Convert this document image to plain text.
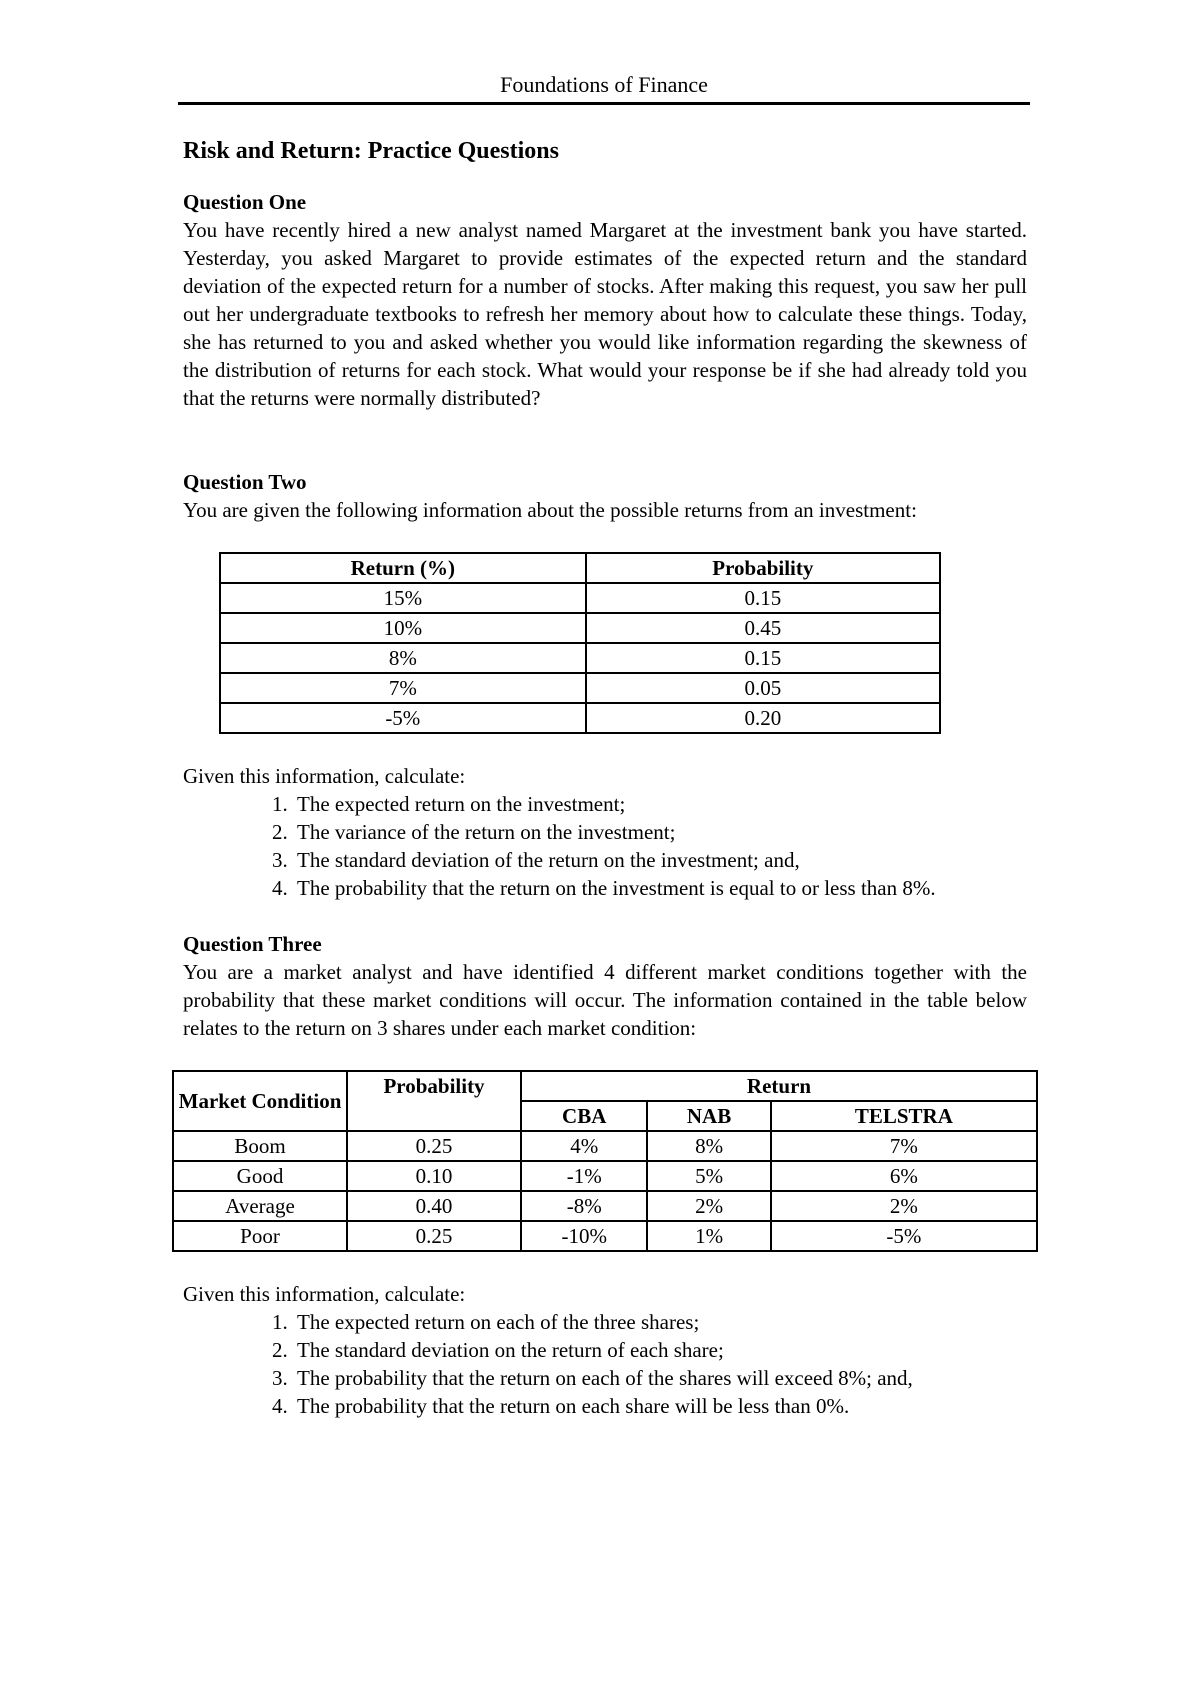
Foundations of Finance
Risk and Return: Practice Questions
Question One

You have recently hired a new analyst named Margaret at the investment bank you have started. Yesterday, you asked Margaret to provide estimates of the expected return and the standard deviation of the expected return for a number of stocks. After making this request, you saw her pull out her undergraduate textbooks to refresh her memory about how to calculate these things. Today, she has returned to you and asked whether you would like information regarding the skewness of the distribution of returns for each stock. What would your response be if she had already told you that the returns were normally distributed?

Question Two

You are given the following information about the possible returns from an investment:

Return (%)	Probability
15%	0.15
10%	0.45
8%	0.15
7%	0.05
-5%	0.20

Given this information, calculate:

1. The expected return on the investment;
2. The variance of the return on the investment;
3. The standard deviation of the return on the investment; and,
4. The probability that the return on the investment is equal to or less than 8%.
Question Three

You are a market analyst and have identified 4 different market conditions together with the probability that these market conditions will occur. The information contained in the table below relates to the return on 3 shares under each market condition:

Market Condition	Probability	Return		
		CBA	NAB	TELSTRA
Boom	0.25	4%	8%	7%
Good	0.10	-1%	5%	6%
Average	0.40	-8%	2%	2%
Poor	0.25	-10%	1%	-5%

Given this information, calculate:

1. The expected return on each of the three shares;
2. The standard deviation on the return of each share;
3. The probability that the return on each of the shares will exceed 8%; and,
4. The probability that the return on each share will be less than 0%.
